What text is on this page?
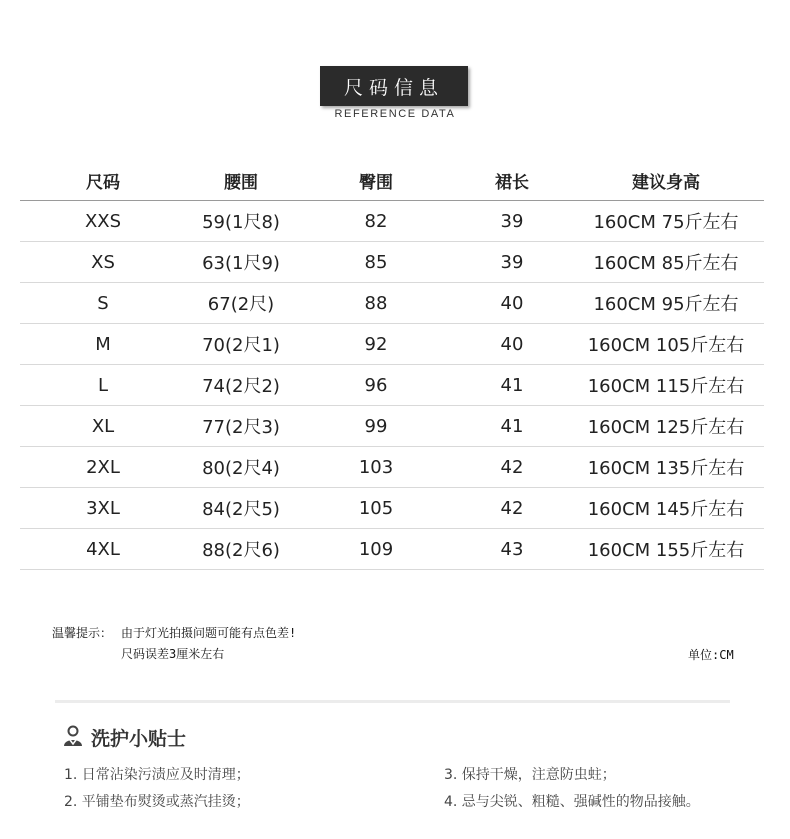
尺码信息
REFERENCE DATA
尺码	腰围	臀围	裙长	建议身高
XXS	59(1尺8)	82	39	160CM 75斤左右
XS	63(1尺9)	85	39	160CM 85斤左右
S	67(2尺)	88	40	160CM 95斤左右
M	70(2尺1)	92	40	160CM 105斤左右
L	74(2尺2)	96	41	160CM 115斤左右
XL	77(2尺3)	99	41	160CM 125斤左右
2XL	80(2尺4)	103	42	160CM 135斤左右
3XL	84(2尺5)	105	42	160CM 145斤左右
4XL	88(2尺6)	109	43	160CM 155斤左右
温馨提示： 由于灯光拍摄问题可能有点色差!
尺码误差3厘米左右	单位:CM
洗护小贴士
1. 日常沾染污渍应及时清理；
2. 平铺垫布熨烫或蒸汽挂烫；
3. 保持干燥，注意防虫蛀；
4. 忌与尖锐、粗糙、强碱性的物品接触。
